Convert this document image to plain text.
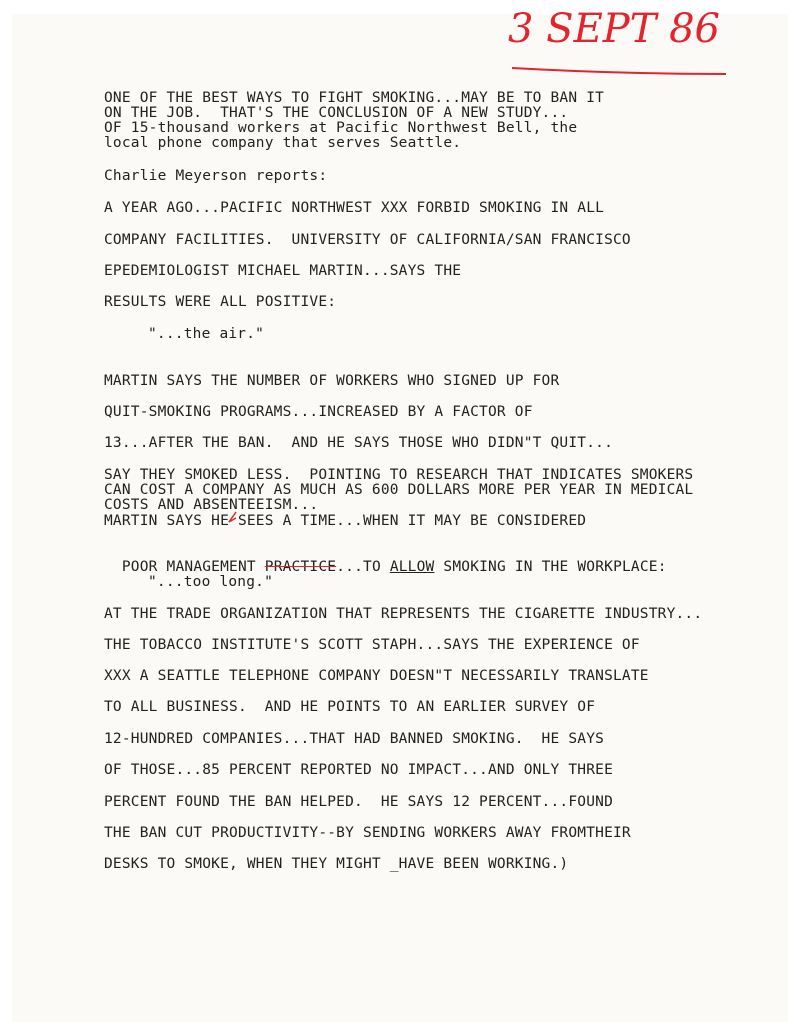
3 SEPT 86
ONE OF THE BEST WAYS TO FIGHT SMOKING...MAY BE TO BAN IT
ON THE JOB.  THAT'S THE CONCLUSION OF A NEW STUDY...
OF 15-thousand workers at Pacific Northwest Bell, the
local phone company that serves Seattle.
Charlie Meyerson reports:
A YEAR AGO...PACIFIC NORTHWEST XXX FORBID SMOKING IN ALL
COMPANY FACILITIES.  UNIVERSITY OF CALIFORNIA/SAN FRANCISCO
EPEDEMIOLOGIST MICHAEL MARTIN...SAYS THE
RESULTS WERE ALL POSITIVE:
"...the air."
MARTIN SAYS THE NUMBER OF WORKERS WHO SIGNED UP FOR
QUIT-SMOKING PROGRAMS...INCREASED BY A FACTOR OF
13...AFTER THE BAN.  AND HE SAYS THOSE WHO DIDN"T QUIT...
SAY THEY SMOKED LESS.  POINTING TO RESEARCH THAT INDICATES SMOKERS
CAN COST A COMPANY AS MUCH AS 600 DOLLARS MORE PER YEAR IN MEDICAL
COSTS AND ABSENTEEISM...
MARTIN SAYS HE SEES A TIME...WHEN IT MAY BE CONSIDERED

POOR MANAGEMENT PRACTICE...TO ALLOW SMOKING IN THE WORKPLACE:

"...too long."
AT THE TRADE ORGANIZATION THAT REPRESENTS THE CIGARETTE INDUSTRY...
THE TOBACCO INSTITUTE'S SCOTT STAPH...SAYS THE EXPERIENCE OF
XXX A SEATTLE TELEPHONE COMPANY DOESN"T NECESSARILY TRANSLATE
TO ALL BUSINESS.  AND HE POINTS TO AN EARLIER SURVEY OF
12-HUNDRED COMPANIES...THAT HAD BANNED SMOKING.  HE SAYS
OF THOSE...85 PERCENT REPORTED NO IMPACT...AND ONLY THREE
PERCENT FOUND THE BAN HELPED.  HE SAYS 12 PERCENT...FOUND
THE BAN CUT PRODUCTIVITY--BY SENDING WORKERS AWAY FROMTHEIR
DESKS TO SMOKE, WHEN THEY MIGHT _HAVE BEEN WORKING.)
